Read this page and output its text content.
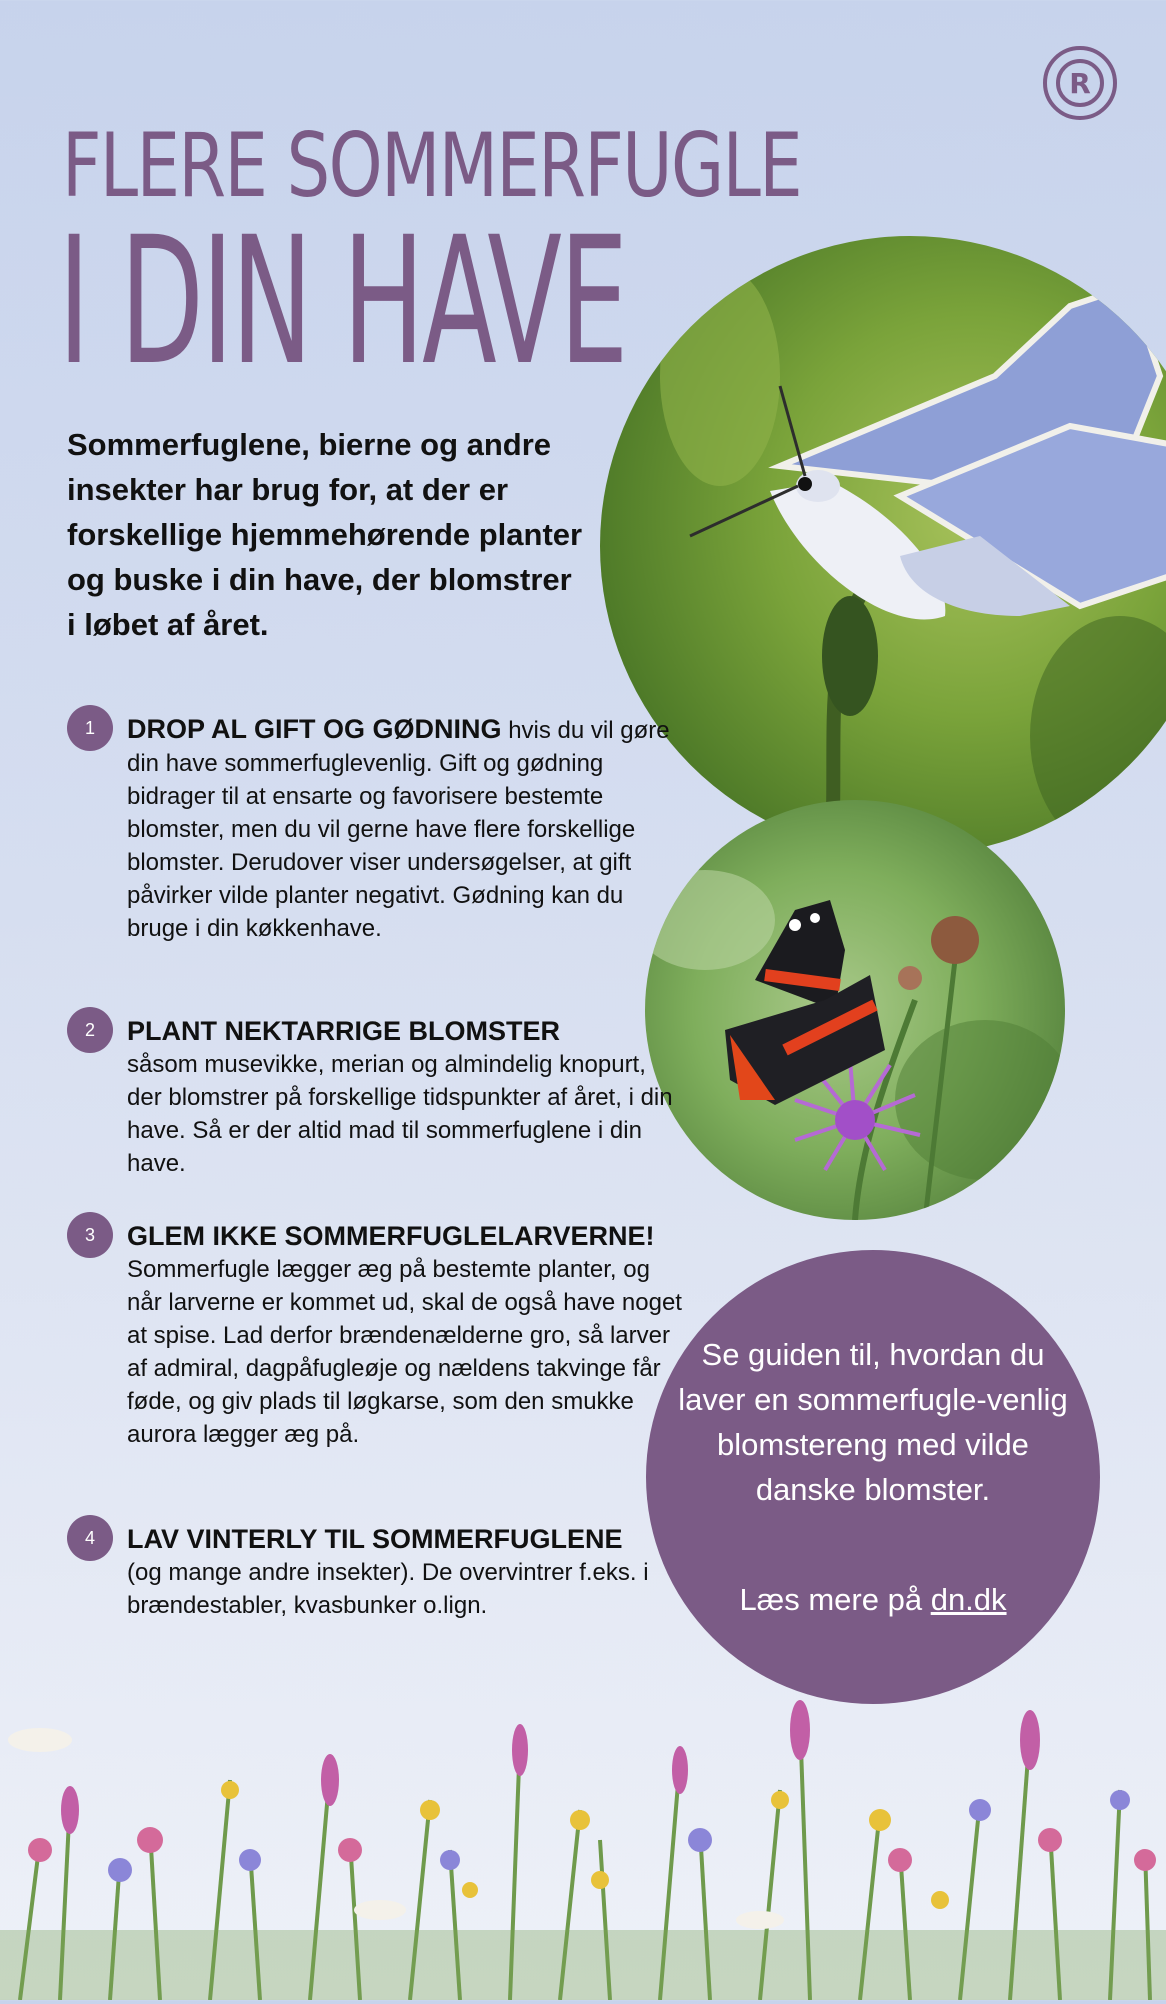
R
FLERE SOMMERFUGLE
I DIN HAVE

Sommerfuglene, bierne og andre insekter har brug for, at der er forskellige hjemmehørende planter og buske i din have, der blomstrer i løbet af året.

1	DROP AL GIFT OG GØDNING hvis du vil gøre din have sommerfuglevenlig. Gift og gødning bidrager til at ensarte og favorisere bestemte blomster, men du vil gerne have flere forskellige blomster. Derudover viser undersøgelser, at gift påvirker vilde planter negativt. Gødning kan du bruge i din køkkenhave.
2	PLANT NEKTARRIGE BLOMSTER
såsom musevikke, merian og almindelig knopurt, der blomstrer på forskellige tidspunkter af året, i din have. Så er der altid mad til sommerfuglene i din have.
3	GLEM IKKE SOMMERFUGLELARVERNE!
Sommerfugle lægger æg på bestemte planter, og når larverne er kommet ud, skal de også have noget at spise. Lad derfor brændenælderne gro, så larver af admiral, dagpåfugleøje og nældens takvinge får føde, og giv plads til løgkarse, som den smukke aurora lægger æg på.
4	LAV VINTERLY TIL SOMMERFUGLENE
(og mange andre insekter). De overvintrer f.eks. i brændestabler, kvasbunker o.lign.

Se guiden til, hvordan du laver en sommerfugle-venlig blomstereng med vilde danske blomster.

Læs mere på dn.dk
